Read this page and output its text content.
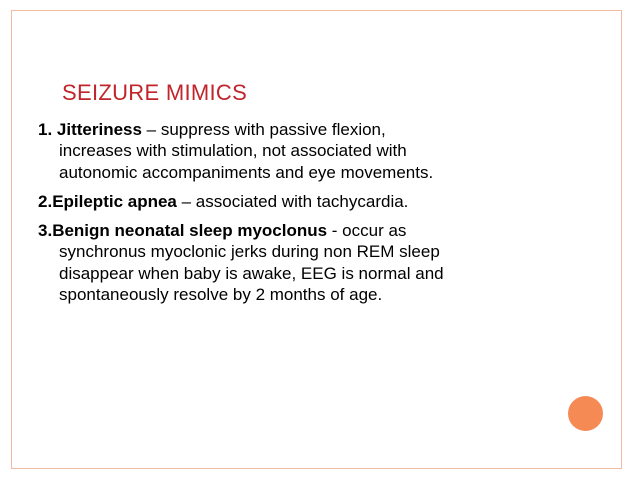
SEIZURE MIMICS
1. Jitteriness – suppress with passive flexion,
increases with stimulation, not associated with
autonomic accompaniments and eye movements.
2.Epileptic apnea – associated with tachycardia.
3.Benign neonatal sleep myoclonus - occur as
synchronus myoclonic jerks during non REM sleep
disappear when baby is awake, EEG is normal and
spontaneously resolve by 2 months of age.
